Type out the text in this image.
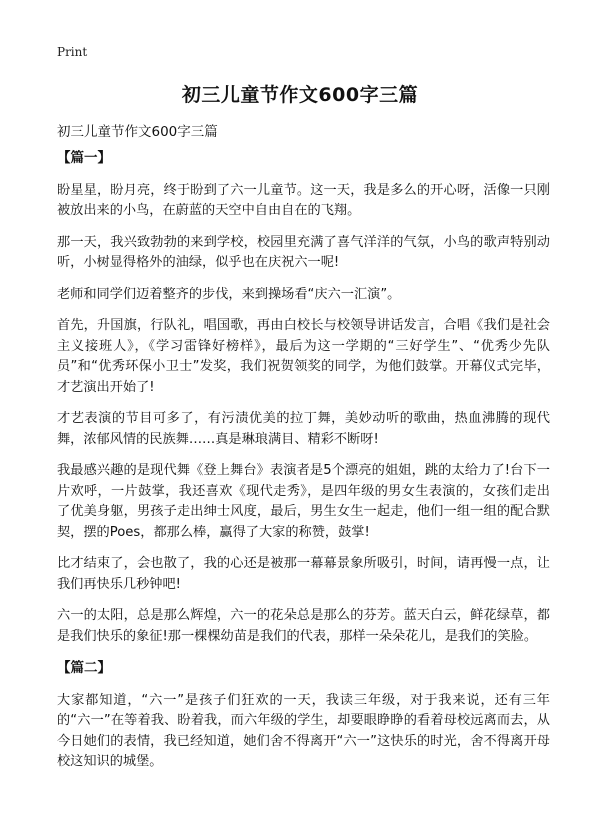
Print
初三儿童节作文600字三篇
初三儿童节作文600字三篇
【篇一】

盼星星，盼月亮，终于盼到了六一儿童节。这一天，我是多么的开心呀，活像一只刚被放出来的小鸟，在蔚蓝的天空中自由自在的飞翔。

那一天，我兴致勃勃的来到学校，校园里充满了喜气洋洋的气氛，小鸟的歌声特别动听，小树显得格外的油绿，似乎也在庆祝六一呢!

老师和同学们迈着整齐的步伐，来到操场看“庆六一汇演”。

首先，升国旗，行队礼，唱国歌，再由白校长与校领导讲话发言，合唱《我们是社会主义接班人》，《学习雷锋好榜样》，最后为这一学期的“三好学生”、“优秀少先队员”和“优秀环保小卫士”发奖，我们祝贺领奖的同学，为他们鼓掌。开幕仪式完毕，才艺演出开始了!

才艺表演的节目可多了，有污渍优美的拉丁舞，美妙动听的歌曲，热血沸腾的现代舞，浓郁风情的民族舞……真是琳琅满目、精彩不断呀!

我最感兴趣的是现代舞《登上舞台》表演者是5个漂亮的姐姐，跳的太给力了!台下一片欢呼，一片鼓掌，我还喜欢《现代走秀》，是四年级的男女生表演的，女孩们走出了优美身躯，男孩子走出绅士风度，最后，男生女生一起走，他们一组一组的配合默契，摆的Poes，都那么棒，赢得了大家的称赞，鼓掌!

比才结束了，会也散了，我的心还是被那一幕幕景象所吸引，时间，请再慢一点，让我们再快乐几秒钟吧!

六一的太阳，总是那么辉煌，六一的花朵总是那么的芬芳。蓝天白云，鲜花绿草，都是我们快乐的象征!那一棵棵幼苗是我们的代表，那样一朵朵花儿，是我们的笑脸。

【篇二】

大家都知道，“六一”是孩子们狂欢的一天，我读三年级，对于我来说，还有三年的“六一”在等着我、盼着我，而六年级的学生，却要眼睁睁的看着母校远离而去，从今日她们的表情，我已经知道，她们舍不得离开“六一”这快乐的时光，舍不得离开母校这知识的城堡。
